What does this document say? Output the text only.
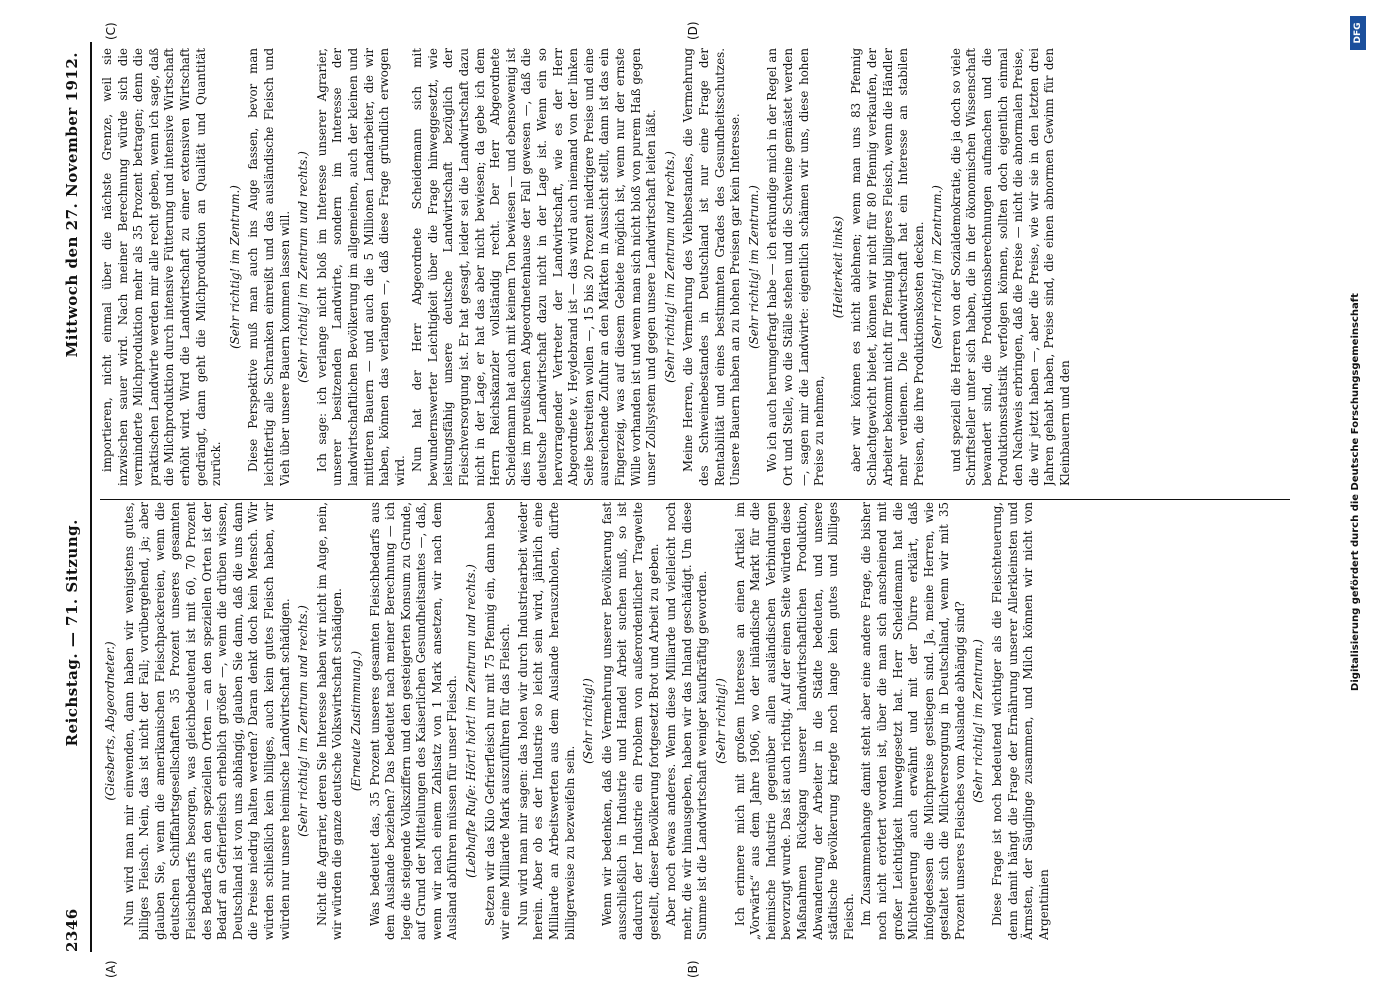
2346
Reichstag. — 71. Sitzung.
Mittwoch den 27. November 1912.
(A)	(B)
(C)	(D)

(Giesberts, Abgeordneter.) Nun wird man mir einwenden, dann haben wir wenigstens gutes, billiges Fleisch. Nein, das ist nicht der Fall; vorübergehend, ja; aber glauben Sie, wenn die amerikanischen Fleischpackereien, wenn die deutschen Schiffahrtsgesellschaften 35 Prozent unseres gesamten Fleischbedarfs besorgen, was gleichbedeutend ist mit 60, 70 Prozent des Bedarfs an den speziellen Orten — an den speziellen Orten ist der Bedarf an Gefrierfleisch erheblich größer —, wenn die drüben wissen, Deutschland ist von uns abhängig, glauben Sie dann, daß die uns dann die Preise niedrig halten werden? Daran denkt doch kein Mensch. Wir würden schließlich kein billiges, auch kein gutes Fleisch haben, wir würden nur unsere heimische Landwirtschaft schädigen. (Sehr richtig! im Zentrum und rechts.) Nicht die Agrarier, deren Sie Interesse haben wir nicht im Auge, nein, wir würden die ganze deutsche Volkswirtschaft schädigen. (Erneute Zustimmung.) Was bedeutet das, 35 Prozent unseres gesamten Fleischbedarfs aus dem Auslande beziehen? Das bedeutet nach meiner Berechnung — ich lege die steigende Volksziffern und den gesteigerten Konsum zu Grunde, auf Grund der Mitteilungen des Kaiserlichen Gesundheitsamtes —, daß, wenn wir nach einem Zahlsatz von 1 Mark ansetzen, wir nach dem Ausland abführen müssen für unser Fleisch. (Lebhafte Rufe: Hört! hört! im Zentrum und rechts.) Setzen wir das Kilo Gefrierfleisch nur mit 75 Pfennig ein, dann haben wir eine Milliarde Mark auszuführen für das Fleisch. Nun wird man mir sagen: das holen wir durch Industriearbeit wieder herein. Aber ob es der Industrie so leicht sein wird, jährlich eine Milliarde an Arbeitswerten aus dem Auslande herauszuholen, dürfte billigerweise zu bezweifeln sein.

(Sehr richtig!) Wenn wir bedenken, daß die Vermehrung unserer Bevölkerung fast ausschließlich in Industrie und Handel Arbeit suchen muß, so ist dadurch der Industrie ein Problem von außerordentlicher Tragweite gestellt, dieser Bevölkerung fortgesetzt Brot und Arbeit zu geben. Aber noch etwas anderes. Wenn diese Milliarde und vielleicht noch mehr, die wir hinausgeben, haben wir das Inland geschädigt. Um diese Summe ist die Landwirtschaft weniger kaufkräftig geworden. (Sehr richtig!) Ich erinnere mich mit großem Interesse an einen Artikel im „Vorwärts“ aus dem Jahre 1906, wo der inländische Markt für die heimische Industrie gegenüber allen ausländischen Verbindungen bevorzugt wurde. Das ist auch richtig. Auf der einen Seite würden diese Maßnahmen Rückgang unserer landwirtschaftlichen Produktion, Abwanderung der Arbeiter in die Städte bedeuten, und unsere städtische Bevölkerung kriegte noch lange kein gutes und billiges Fleisch. Im Zusammenhange damit steht aber eine andere Frage, die bisher noch nicht erörtert worden ist, über die man sich anscheinend mit großer Leichtigkeit hinweggesetzt hat. Herr Scheidemann hat die Milchteuerung auch erwähnt und mit der Dürre erklärt, daß infolgedessen die Milchpreise gestiegen sind. Ja, meine Herren, wie gestaltet sich die Milchversorgung in Deutschland, wenn wir mit 35 Prozent unseres Fleisches vom Auslande abhängig sind? (Sehr richtig! im Zentrum.) Diese Frage ist noch bedeutend wichtiger als die Fleischteuerung, denn damit hängt die Frage der Ernährung unserer Allerkleinsten und Ärmsten, der Säuglinge zusammen, und Milch können wir nicht von Argentinien

importieren, nicht einmal über die nächste Grenze, weil sie inzwischen sauer wird. Nach meiner Berechnung würde sich die verminderte Milchproduktion mehr als 35 Prozent betragen; denn die praktischen Landwirte werden mir alle recht geben, wenn ich sage, daß die Milchproduktion durch intensive Fütterung und intensive Wirtschaft erhöht wird. Wird die Landwirtschaft zu einer extensiven Wirtschaft gedrängt, dann geht die Milchproduktion an Qualität und Quantität zurück.

(Sehr richtig! im Zentrum.) Diese Perspektive muß man auch ins Auge fassen, bevor man leichtfertig alle Schranken einreißt und das ausländische Fleisch und Vieh über unsere Bauern kommen lassen will. (Sehr richtig! im Zentrum und rechts.) Ich sage: ich verlange nicht bloß im Interesse unserer Agrarier, unserer besitzenden Landwirte, sondern im Interesse der landwirtschaftlichen Bevölkerung im allgemeinen, auch der kleinen und mittleren Bauern — und auch die 5 Millionen Landarbeiter, die wir haben, können das verlangen —, daß diese Frage gründlich erwogen wird. Nun hat der Herr Abgeordnete Scheidemann sich mit bewundernswerter Leichtigkeit über die Frage hinweggesetzt, wie leistungsfähig unsere deutsche Landwirtschaft bezüglich der Fleischversorgung ist. Er hat gesagt, leider sei die Landwirtschaft dazu nicht in der Lage, er hat das aber nicht bewiesen; da gebe ich dem Herrn Reichskanzler vollständig recht. Der Herr Abgeordnete Scheidemann hat auch mit keinem Ton bewiesen — und ebensowenig ist dies im preußischen Abgeordnetenhause der Fall gewesen —, daß die deutsche Landwirtschaft dazu nicht in der Lage ist. Wenn ein so hervorragender Vertreter der Landwirtschaft, wie es der Herr Abgeordnete v. Heydebrand ist — das wird auch niemand von der linken Seite bestreiten wollen —, 15 bis 20 Prozent niedrigere Preise und eine ausreichende Zufuhr an den Märkten in Aussicht stellt, dann ist das ein Fingerzeig, was auf diesem Gebiete möglich ist, wenn nur der ernste Wille vorhanden ist und wenn man sich nicht bloß von purem Haß gegen unser Zollsystem und gegen unsere Landwirtschaft leiten läßt. (Sehr richtig! im Zentrum und rechts.) Meine Herren, die Vermehrung des Viehbestandes, die Vermehrung des Schweinebestandes in Deutschland ist nur eine Frage der Rentabilität und eines bestimmten Grades des Gesundheitsschutzes. Unsere Bauern haben an zu hohen Preisen gar kein Interesse. (Sehr richtig! im Zentrum.) Wo ich auch herumgefragt habe — ich erkundige mich in der Regel an Ort und Stelle, wo die Ställe stehen und die Schweine gemästet werden —, sagen mir die Landwirte: eigentlich schämen wir uns, diese hohen Preise zu nehmen,

(Heiterkeit links) aber wir können es nicht ablehnen; wenn man uns 83 Pfennig Schlachtgewicht bietet, können wir nicht für 80 Pfennig verkaufen, der Arbeiter bekommt nicht für Pfennig billigeres Fleisch, wenn die Händler mehr verdienen. Die Landwirtschaft hat ein Interesse an stabilen Preisen, die ihre Produktionskosten decken. (Sehr richtig! im Zentrum.) und speziell die Herren von der Sozialdemokratie, die ja doch so viele Schriftsteller unter sich haben, die in der ökonomischen Wissenschaft bewandert sind, die Produktionsberechnungen aufmachen und die Produktionsstatistik verfolgen können, sollten doch eigentlich einmal den Nachweis erbringen, daß die Preise — nicht die abnormalen Preise, die wir jetzt haben —, aber die Preise, wie wir sie in den letzten drei Jahren gehabt haben, Preise sind, die einen abnormen Gewinn für den Kleinbauern und den	Digitalisierung gefördert durch die Deutsche Forschungsgemeinschaft
DFG
